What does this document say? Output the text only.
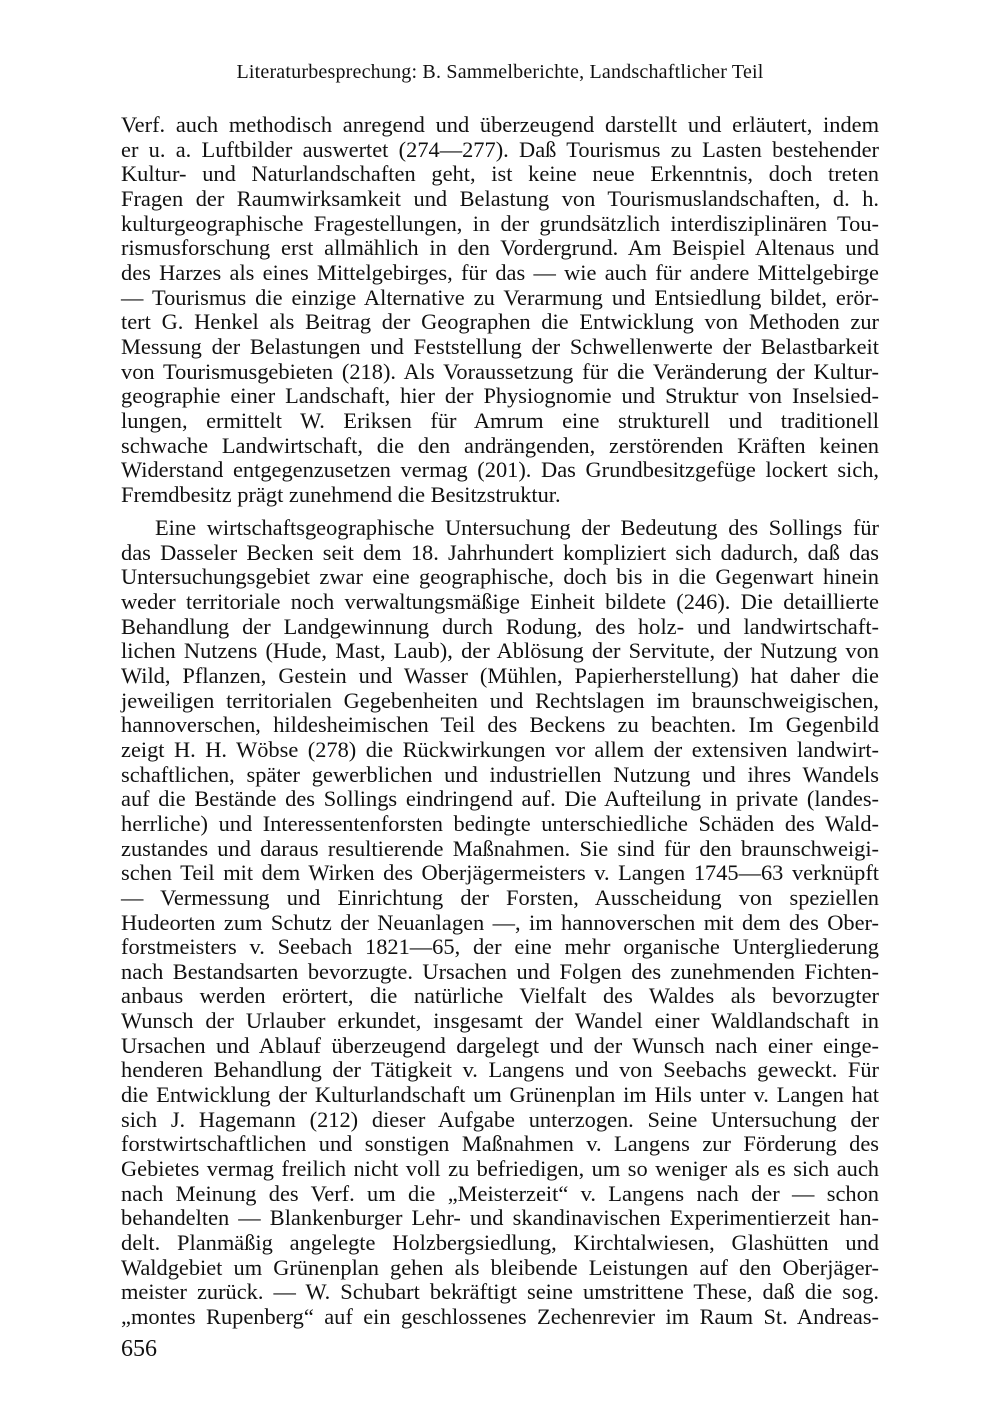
Literaturbesprechung: B. Sammelberichte, Landschaftlicher Teil
Verf. auch methodisch anregend und überzeugend darstellt und erläutert, indem
er u. a. Luftbilder auswertet (274—277). Daß Tourismus zu Lasten bestehender
Kultur- und Naturlandschaften geht, ist keine neue Erkenntnis, doch treten
Fragen der Raumwirksamkeit und Belastung von Tourismuslandschaften, d. h.
kulturgeographische Fragestellungen, in der grundsätzlich interdisziplinären Tou-
rismusforschung erst allmählich in den Vordergrund. Am Beispiel Altenaus und
des Harzes als eines Mittelgebirges, für das — wie auch für andere Mittelgebirge
— Tourismus die einzige Alternative zu Verarmung und Entsiedlung bildet, erör-
tert G. Henkel als Beitrag der Geographen die Entwicklung von Methoden zur
Messung der Belastungen und Feststellung der Schwellenwerte der Belastbarkeit
von Tourismusgebieten (218). Als Voraussetzung für die Veränderung der Kultur-
geographie einer Landschaft, hier der Physiognomie und Struktur von Inselsied-
lungen, ermittelt W. Eriksen für Amrum eine strukturell und traditionell
schwache Landwirtschaft, die den andrängenden, zerstörenden Kräften keinen
Widerstand entgegenzusetzen vermag (201). Das Grundbesitzgefüge lockert sich,
Fremdbesitz prägt zunehmend die Besitzstruktur.
Eine wirtschaftsgeographische Untersuchung der Bedeutung des Sollings für
das Dasseler Becken seit dem 18. Jahrhundert kompliziert sich dadurch, daß das
Untersuchungsgebiet zwar eine geographische, doch bis in die Gegenwart hinein
weder territoriale noch verwaltungsmäßige Einheit bildete (246). Die detaillierte
Behandlung der Landgewinnung durch Rodung, des holz- und landwirtschaft-
lichen Nutzens (Hude, Mast, Laub), der Ablösung der Servitute, der Nutzung von
Wild, Pflanzen, Gestein und Wasser (Mühlen, Papierherstellung) hat daher die
jeweiligen territorialen Gegebenheiten und Rechtslagen im braunschweigischen,
hannoverschen, hildesheimischen Teil des Beckens zu beachten. Im Gegenbild
zeigt H. H. Wöbse (278) die Rückwirkungen vor allem der extensiven landwirt-
schaftlichen, später gewerblichen und industriellen Nutzung und ihres Wandels
auf die Bestände des Sollings eindringend auf. Die Aufteilung in private (landes-
herrliche) und Interessentenforsten bedingte unterschiedliche Schäden des Wald-
zustandes und daraus resultierende Maßnahmen. Sie sind für den braunschweigi-
schen Teil mit dem Wirken des Oberjägermeisters v. Langen 1745—63 verknüpft
— Vermessung und Einrichtung der Forsten, Ausscheidung von speziellen
Hudeorten zum Schutz der Neuanlagen —, im hannoverschen mit dem des Ober-
forstmeisters v. Seebach 1821—65, der eine mehr organische Untergliederung
nach Bestandsarten bevorzugte. Ursachen und Folgen des zunehmenden Fichten-
anbaus werden erörtert, die natürliche Vielfalt des Waldes als bevorzugter
Wunsch der Urlauber erkundet, insgesamt der Wandel einer Waldlandschaft in
Ursachen und Ablauf überzeugend dargelegt und der Wunsch nach einer einge-
henderen Behandlung der Tätigkeit v. Langens und von Seebachs geweckt. Für
die Entwicklung der Kulturlandschaft um Grünenplan im Hils unter v. Langen hat
sich J. Hagemann (212) dieser Aufgabe unterzogen. Seine Untersuchung der
forstwirtschaftlichen und sonstigen Maßnahmen v. Langens zur Förderung des
Gebietes vermag freilich nicht voll zu befriedigen, um so weniger als es sich auch
nach Meinung des Verf. um die „Meisterzeit“ v. Langens nach der — schon
behandelten — Blankenburger Lehr- und skandinavischen Experimentierzeit han-
delt. Planmäßig angelegte Holzbergsiedlung, Kirchtalwiesen, Glashütten und
Waldgebiet um Grünenplan gehen als bleibende Leistungen auf den Oberjäger-
meister zurück. — W. Schubart bekräftigt seine umstrittene These, daß die sog.
„montes Rupenberg“ auf ein geschlossenes Zechenrevier im Raum St. Andreas-
656
